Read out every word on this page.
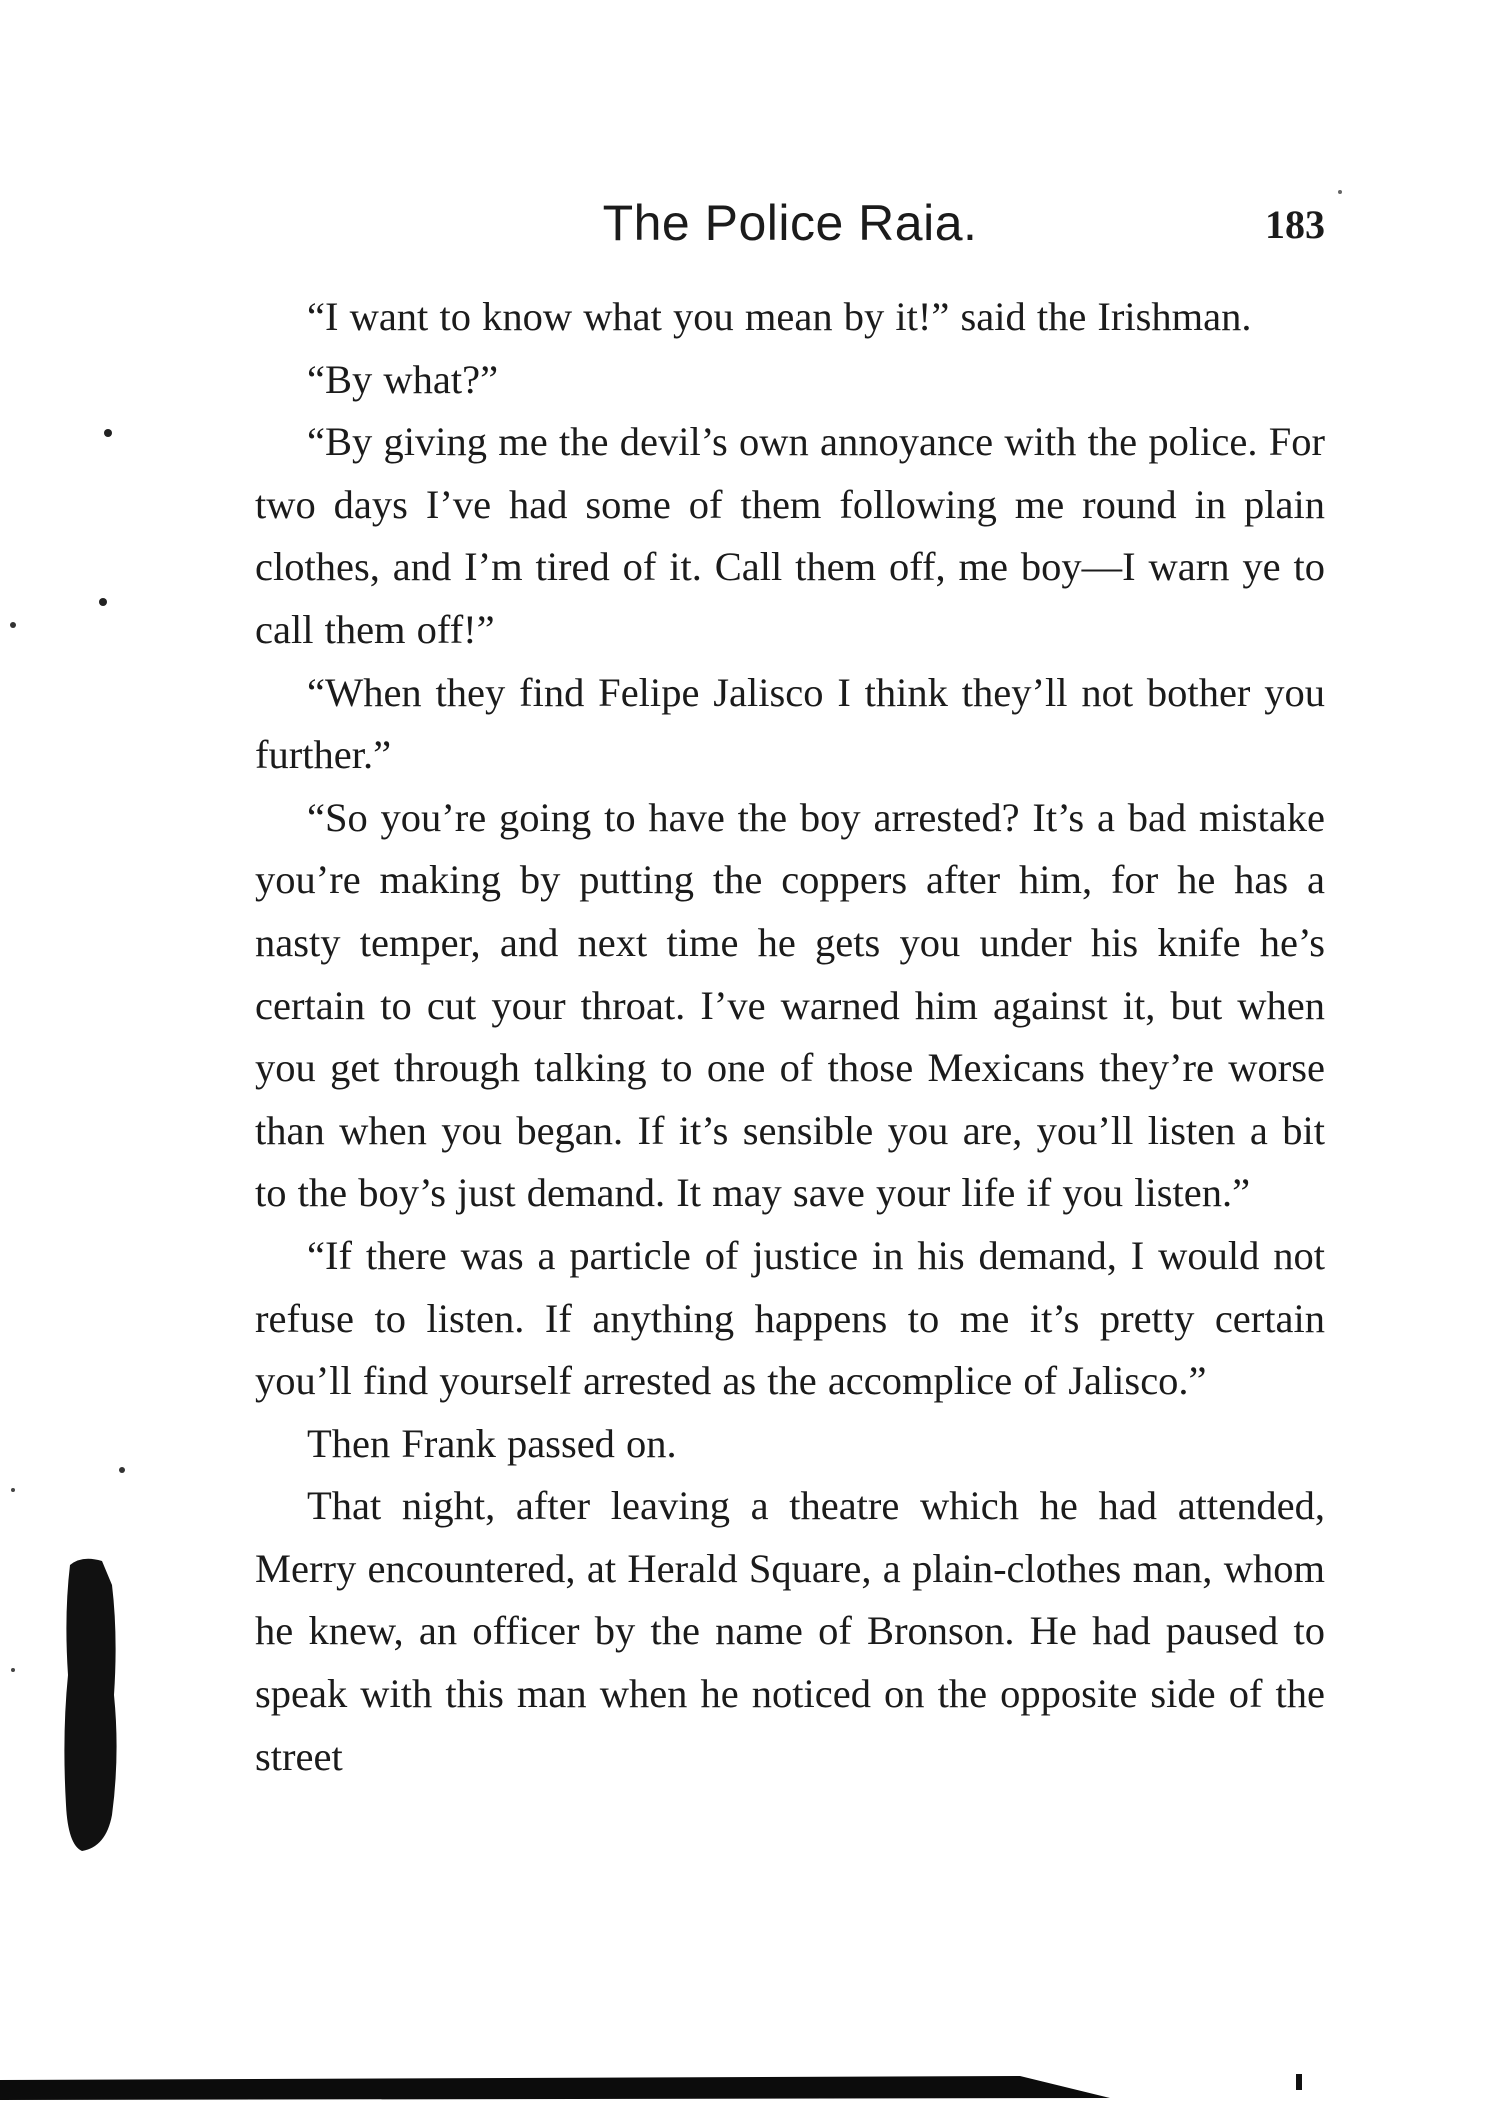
The Police Raia.	183

“I want to know what you mean by it!” said the Irishman.

“By what?”

“By giving me the devil’s own annoyance with the police. For two days I’ve had some of them following me round in plain clothes, and I’m tired of it. Call them off, me boy—I warn ye to call them off!”

“When they find Felipe Jalisco I think they’ll not bother you further.”

“So you’re going to have the boy arrested? It’s a bad mistake you’re making by putting the coppers after him, for he has a nasty temper, and next time he gets you under his knife he’s certain to cut your throat. I’ve warned him against it, but when you get through talking to one of those Mexicans they’re worse than when you began. If it’s sensible you are, you’ll listen a bit to the boy’s just demand. It may save your life if you listen.”

“If there was a particle of justice in his demand, I would not refuse to listen. If anything happens to me it’s pretty certain you’ll find yourself arrested as the accomplice of Jalisco.”

Then Frank passed on.

That night, after leaving a theatre which he had attended, Merry encountered, at Herald Square, a plain-clothes man, whom he knew, an officer by the name of Bronson. He had paused to speak with this man when he noticed on the opposite side of the street
